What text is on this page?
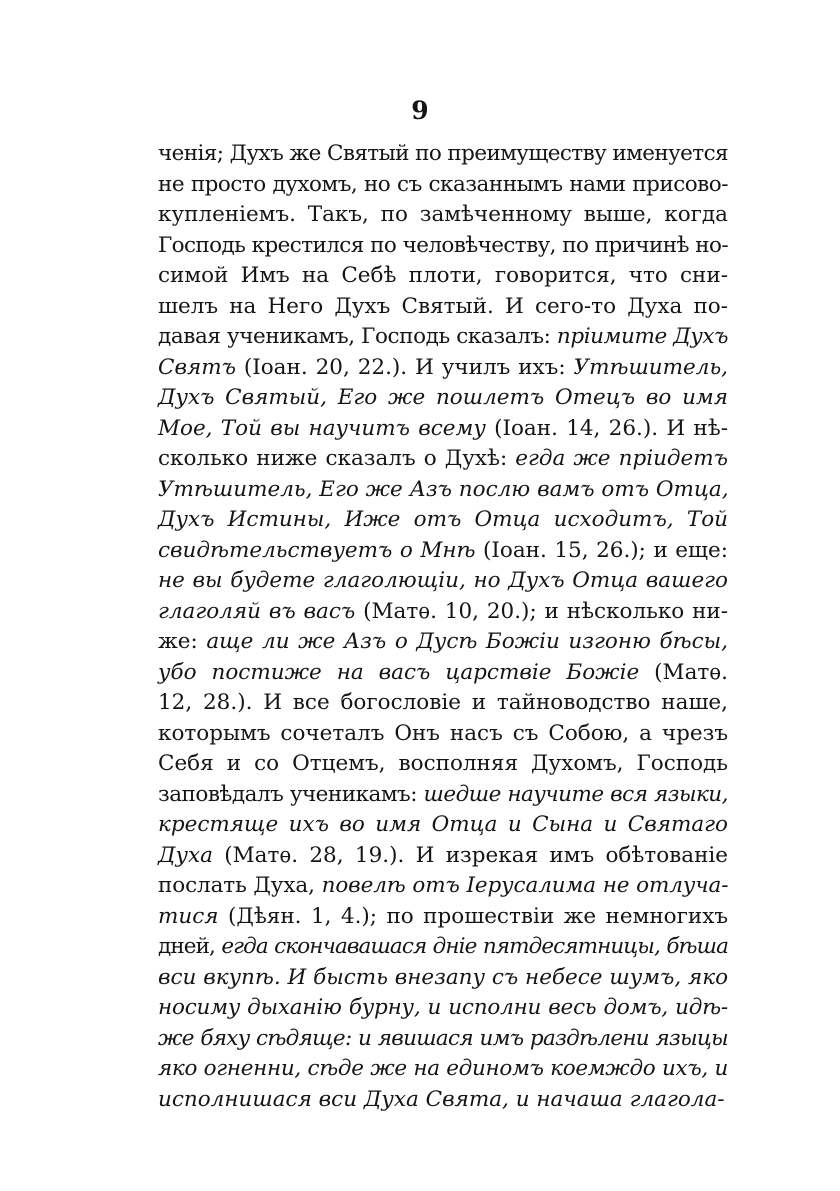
9
ченія; Духъ же Святый по преимуществу именуется
не просто духомъ, но съ сказаннымъ нами присово-
купленіемъ. Такъ, по замѣченному выше, когда
Господь крестился по человѣчеству, по причинѣ но-
симой Имъ на Себѣ плоти, говорится, что сни-
шелъ на Него Духъ Святый. И сего-то Духа по-
давая ученикамъ, Господь сказалъ: пріимите Духъ
Святъ (Іоан. 20, 22.). И училъ ихъ: Утѣшитель,
Духъ Святый, Его же пошлетъ Отецъ во имя
Мое, Той вы научитъ всему (Іоан. 14, 26.). И нѣ-
сколько ниже сказалъ о Духѣ: егда же пріидетъ
Утѣшитель, Его же Азъ послю вамъ отъ Отца,
Духъ Истины, Иже отъ Отца исходитъ, Той
свидѣтельствуетъ о Мнѣ (Іоан. 15, 26.); и еще:
не вы будете глаголющіи, но Духъ Отца вашего
глаголяй въ васъ (Матѳ. 10, 20.); и нѣсколько ни-
же: аще ли же Азъ о Дусѣ Божіи изгоню бѣсы,
убо постиже на васъ царствіе Божіе (Матѳ.
12, 28.). И все богословіе и тайноводство наше,
которымъ сочеталъ Онъ насъ съ Собою, а чрезъ
Себя и со Отцемъ, восполняя Духомъ, Господь
заповѣдалъ ученикамъ: шедше научите вся языки,
крестяще ихъ во имя Отца и Сына и Святаго
Духа (Матѳ. 28, 19.). И изрекая имъ обѣтованіе
послать Духа, повелѣ отъ Іерусалима не отлуча-
тися (Дѣян. 1, 4.); по прошествіи же немногихъ
дней, егда скончавашася дніе пятдесятницы, бѣша
вси вкупѣ. И бысть внезапу съ небесе шумъ, яко
носиму дыханію бурну, и исполни весь домъ, идѣ-
же бяху сѣдяще: и явишася имъ раздѣлени языцы
яко огненни, сѣде же на единомъ коемждо ихъ, и
исполнишася вси Духа Свята, и начаша глагола-
